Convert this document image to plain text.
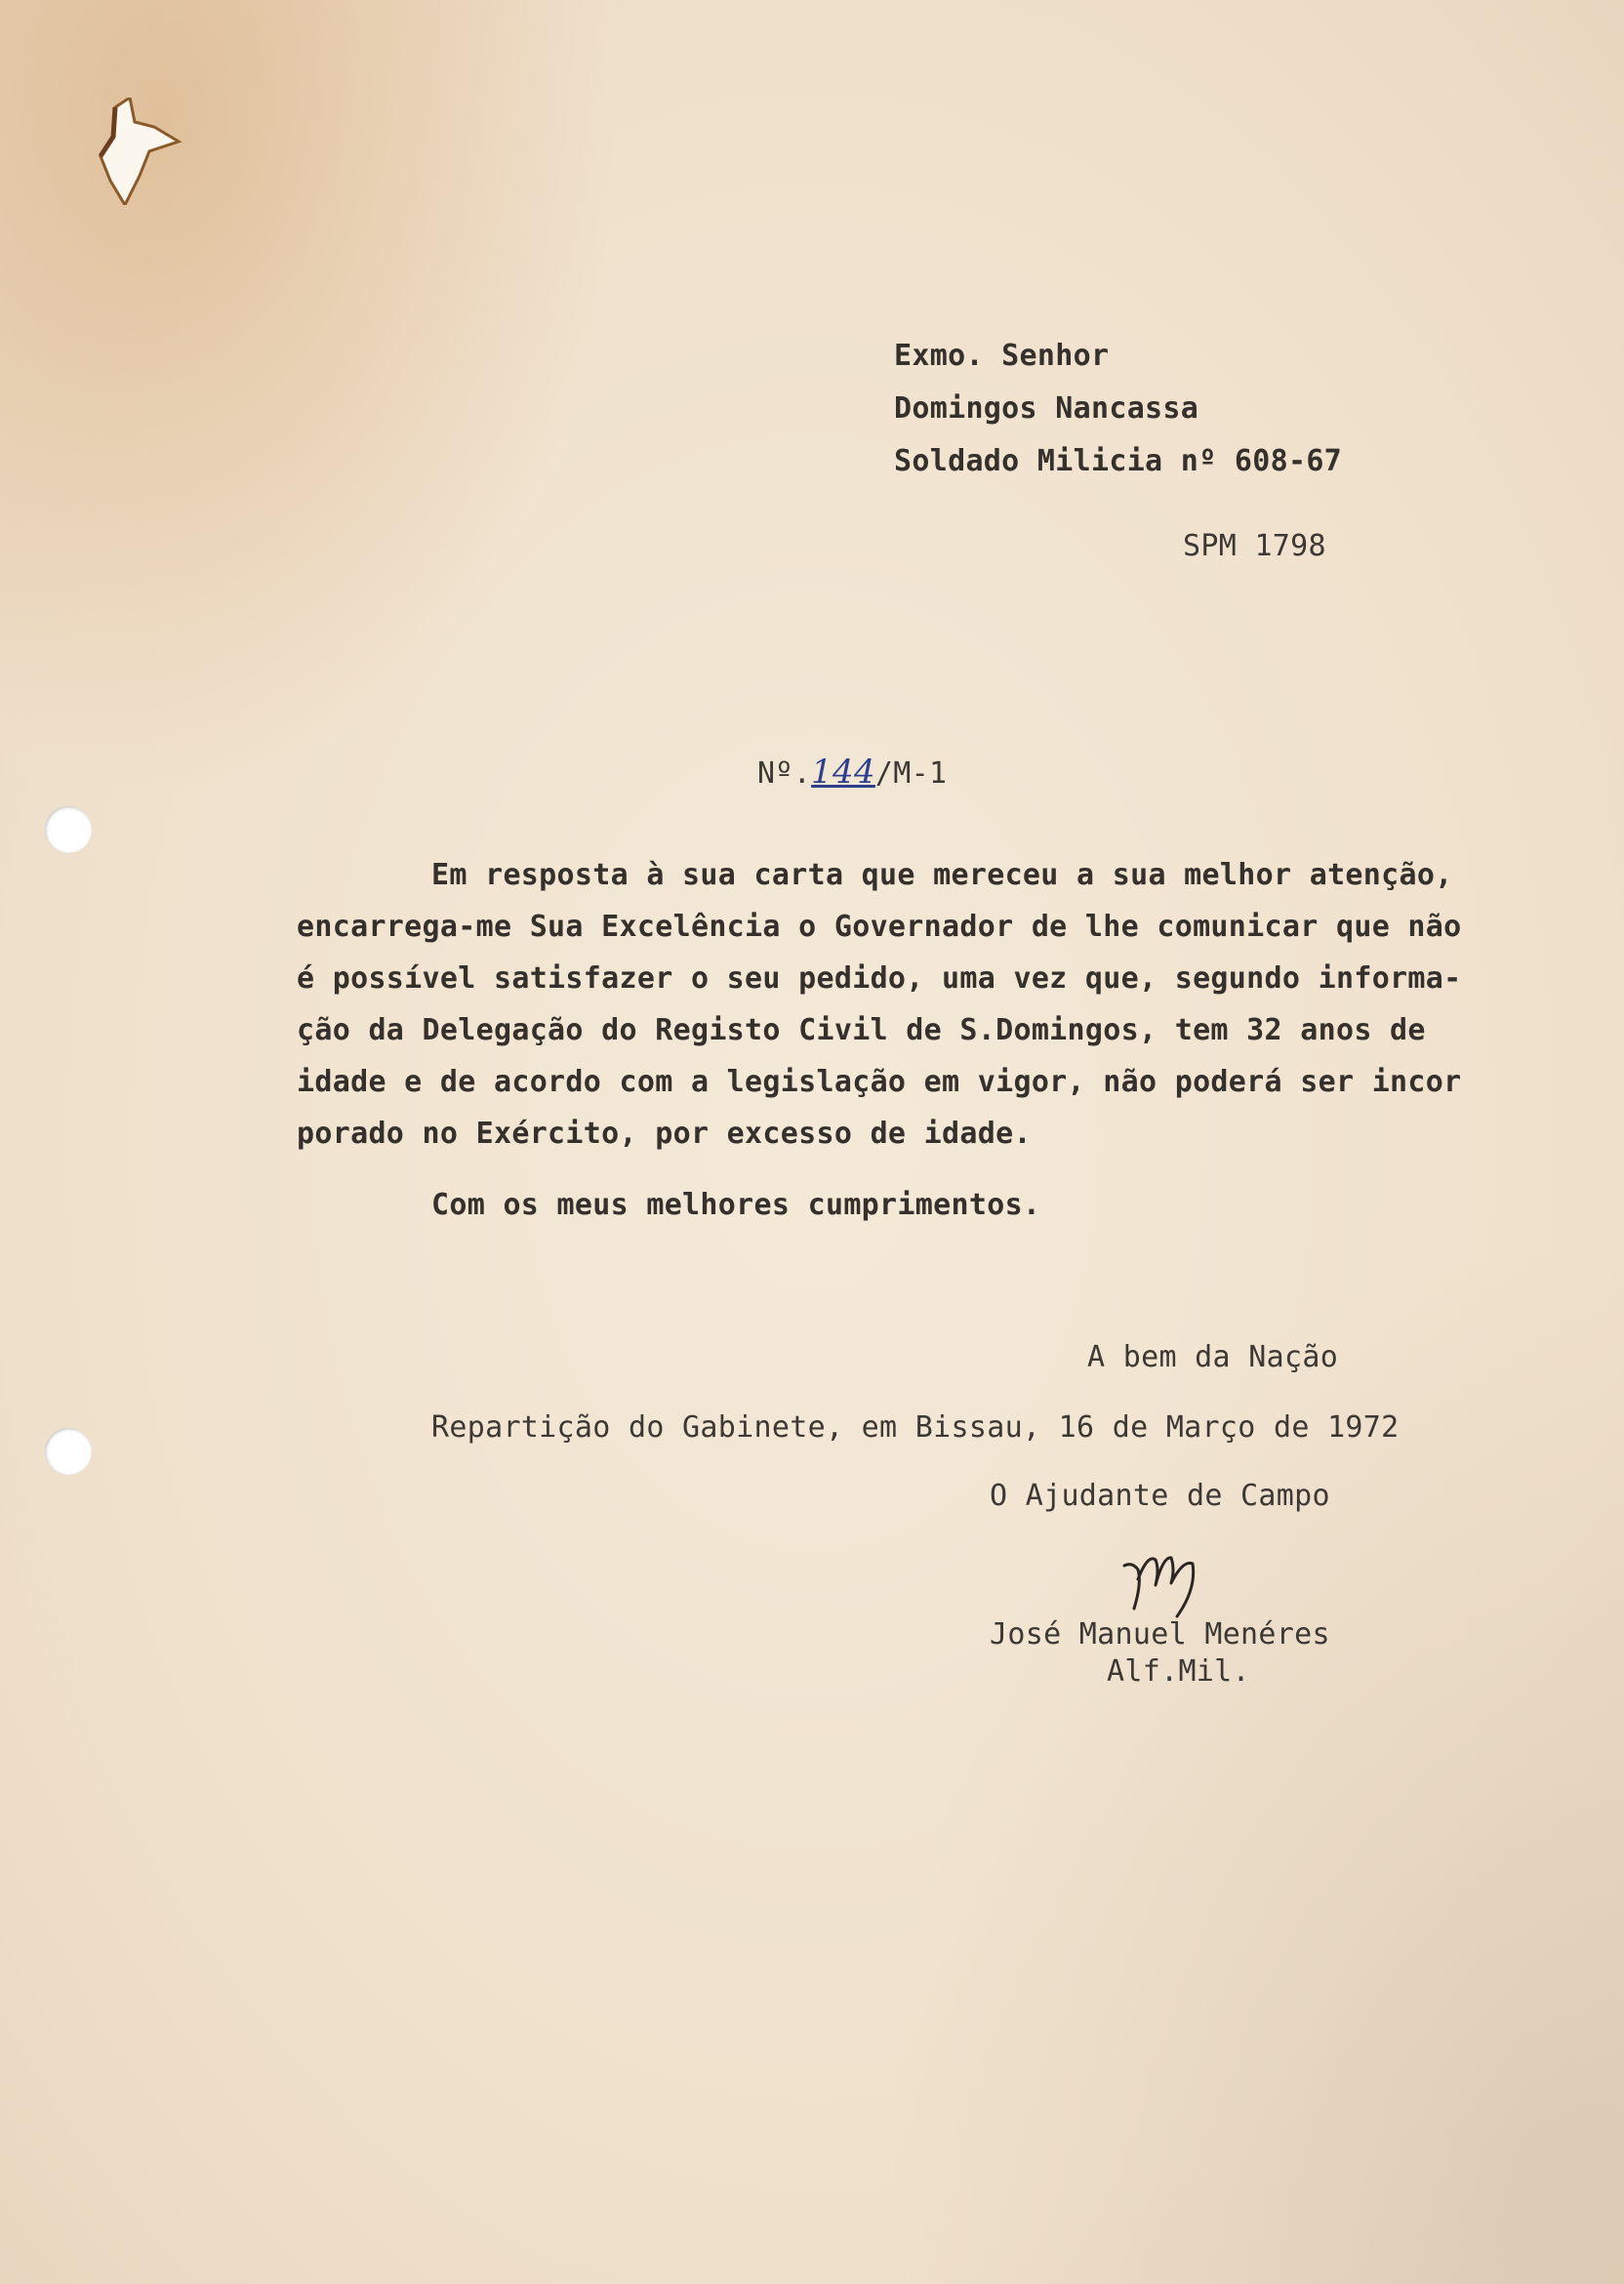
Exmo. Senhor
Domingos Nancassa
Soldado Milicia nº 608-67
SPM 1798
Nº.144/M-1
Em resposta à sua carta que mereceu a sua melhor atenção,
encarrega-me Sua Excelência o Governador de lhe comunicar que não
é possível satisfazer o seu pedido, uma vez que, segundo informa-
ção da Delegação do Registo Civil de S.Domingos, tem 32 anos de
idade e de acordo com a legislação em vigor, não poderá ser incor
porado no Exército, por excesso de idade.
Com os meus melhores cumprimentos.
A bem da Nação
Repartição do Gabinete, em Bissau, 16 de Março de 1972
O Ajudante de Campo
José Manuel Menéres
Alf.Mil.
